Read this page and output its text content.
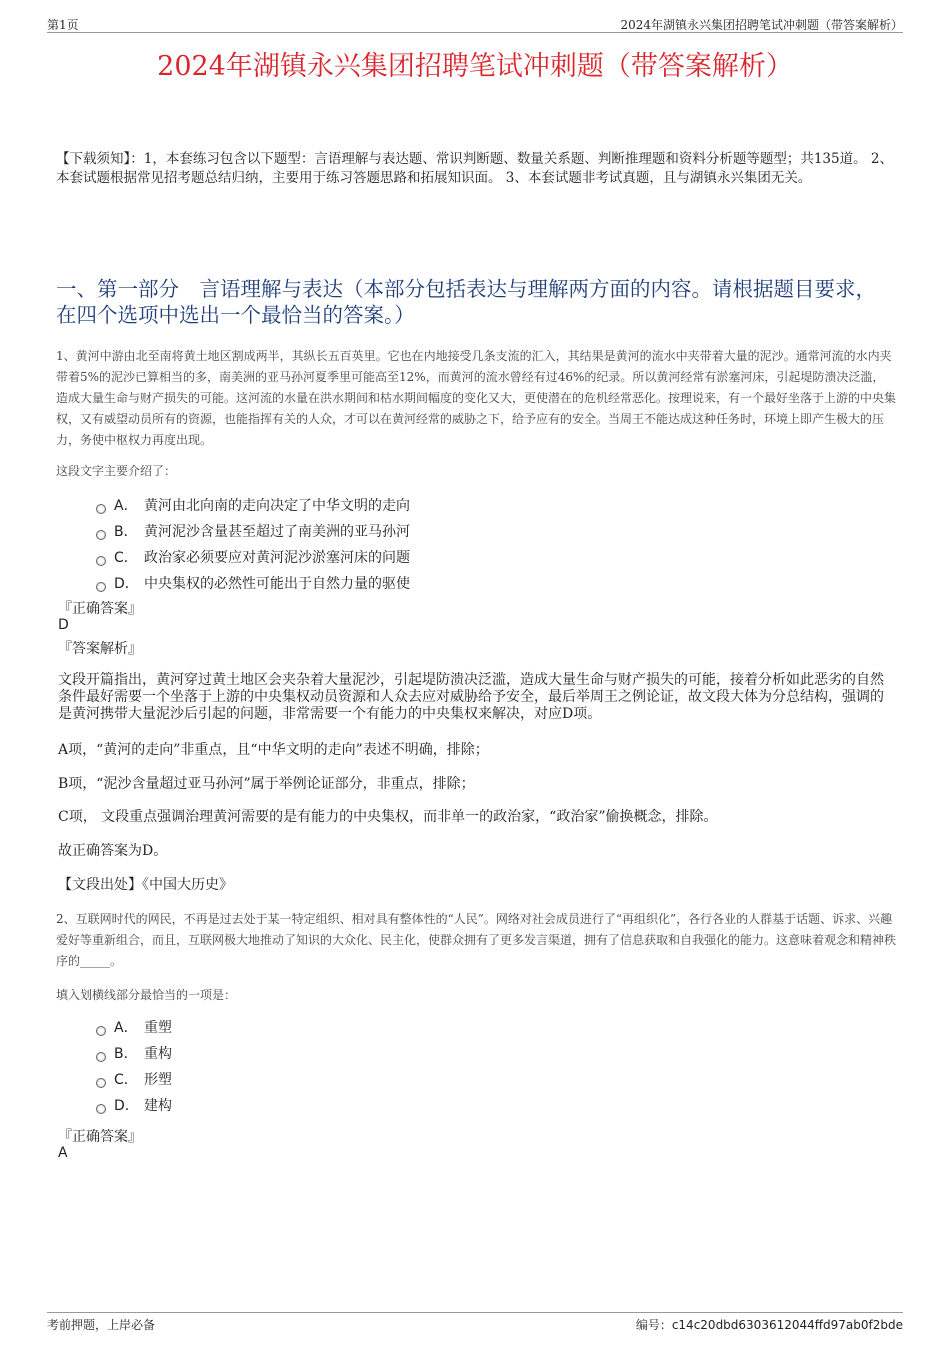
第1页	2024年湖镇永兴集团招聘笔试冲刺题（带答案解析）
2024年湖镇永兴集团招聘笔试冲刺题（带答案解析）
【下载须知】：1，本套练习包含以下题型：言语理解与表达题、常识判断题、数量关系题、判断推理题和资料分析题等题型；共135道。 2、本套试题根据常见招考题总结归纳，主要用于练习答题思路和拓展知识面。 3、本套试题非考试真题，且与湖镇永兴集团无关。
一、第一部分　言语理解与表达（本部分包括表达与理解两方面的内容。请根据题目要求，在四个选项中选出一个最恰当的答案。）
1、黄河中游由北至南将黄土地区割成两半，其纵长五百英里。它也在内地接受几条支流的汇入，其结果是黄河的流水中夹带着大量的泥沙。通常河流的水内夹带着5%的泥沙已算相当的多，南美洲的亚马孙河夏季里可能高至12%，而黄河的流水曾经有过46%的纪录。所以黄河经常有淤塞河床，引起堤防溃决泛滥，造成大量生命与财产损失的可能。这河流的水量在洪水期间和枯水期间幅度的变化又大，更使潜在的危机经常恶化。按理说来，有一个最好坐落于上游的中央集权，又有威望动员所有的资源，也能指挥有关的人众，才可以在黄河经常的威胁之下，给予应有的安全。当周王不能达成这种任务时，环境上即产生极大的压力，务使中枢权力再度出现。
这段文字主要介绍了：
A． 黄河由北向南的走向决定了中华文明的走向
B． 黄河泥沙含量甚至超过了南美洲的亚马孙河
C． 政治家必须要应对黄河泥沙淤塞河床的问题
D． 中央集权的必然性可能出于自然力量的驱使
『正确答案』
D
『答案解析』
文段开篇指出，黄河穿过黄土地区会夹杂着大量泥沙，引起堤防溃决泛滥，造成大量生命与财产损失的可能，接着分析如此恶劣的自然条件最好需要一个坐落于上游的中央集权动员资源和人众去应对威胁给予安全，最后举周王之例论证，故文段大体为分总结构，强调的是黄河携带大量泥沙后引起的问题，非常需要一个有能力的中央集权来解决，对应D项。
A项，“黄河的走向”非重点，且“中华文明的走向”表述不明确，排除；
B项，“泥沙含量超过亚马孙河”属于举例论证部分，非重点，排除；
C项， 文段重点强调治理黄河需要的是有能力的中央集权，而非单一的政治家，“政治家”偷换概念，排除。
故正确答案为D。
【文段出处】《中国大历史》
2、互联网时代的网民，不再是过去处于某一特定组织、相对具有整体性的“人民”。网络对社会成员进行了“再组织化”，各行各业的人群基于话题、诉求、兴趣爱好等重新组合，而且，互联网极大地推动了知识的大众化、民主化，使群众拥有了更多发言渠道，拥有了信息获取和自我强化的能力。这意味着观念和精神秩序的_____。
填入划横线部分最恰当的一项是：
A． 重塑
B． 重构
C． 形塑
D． 建构
『正确答案』
A
考前押题，上岸必备	编号：c14c20dbd6303612044ffd97ab0f2bde
